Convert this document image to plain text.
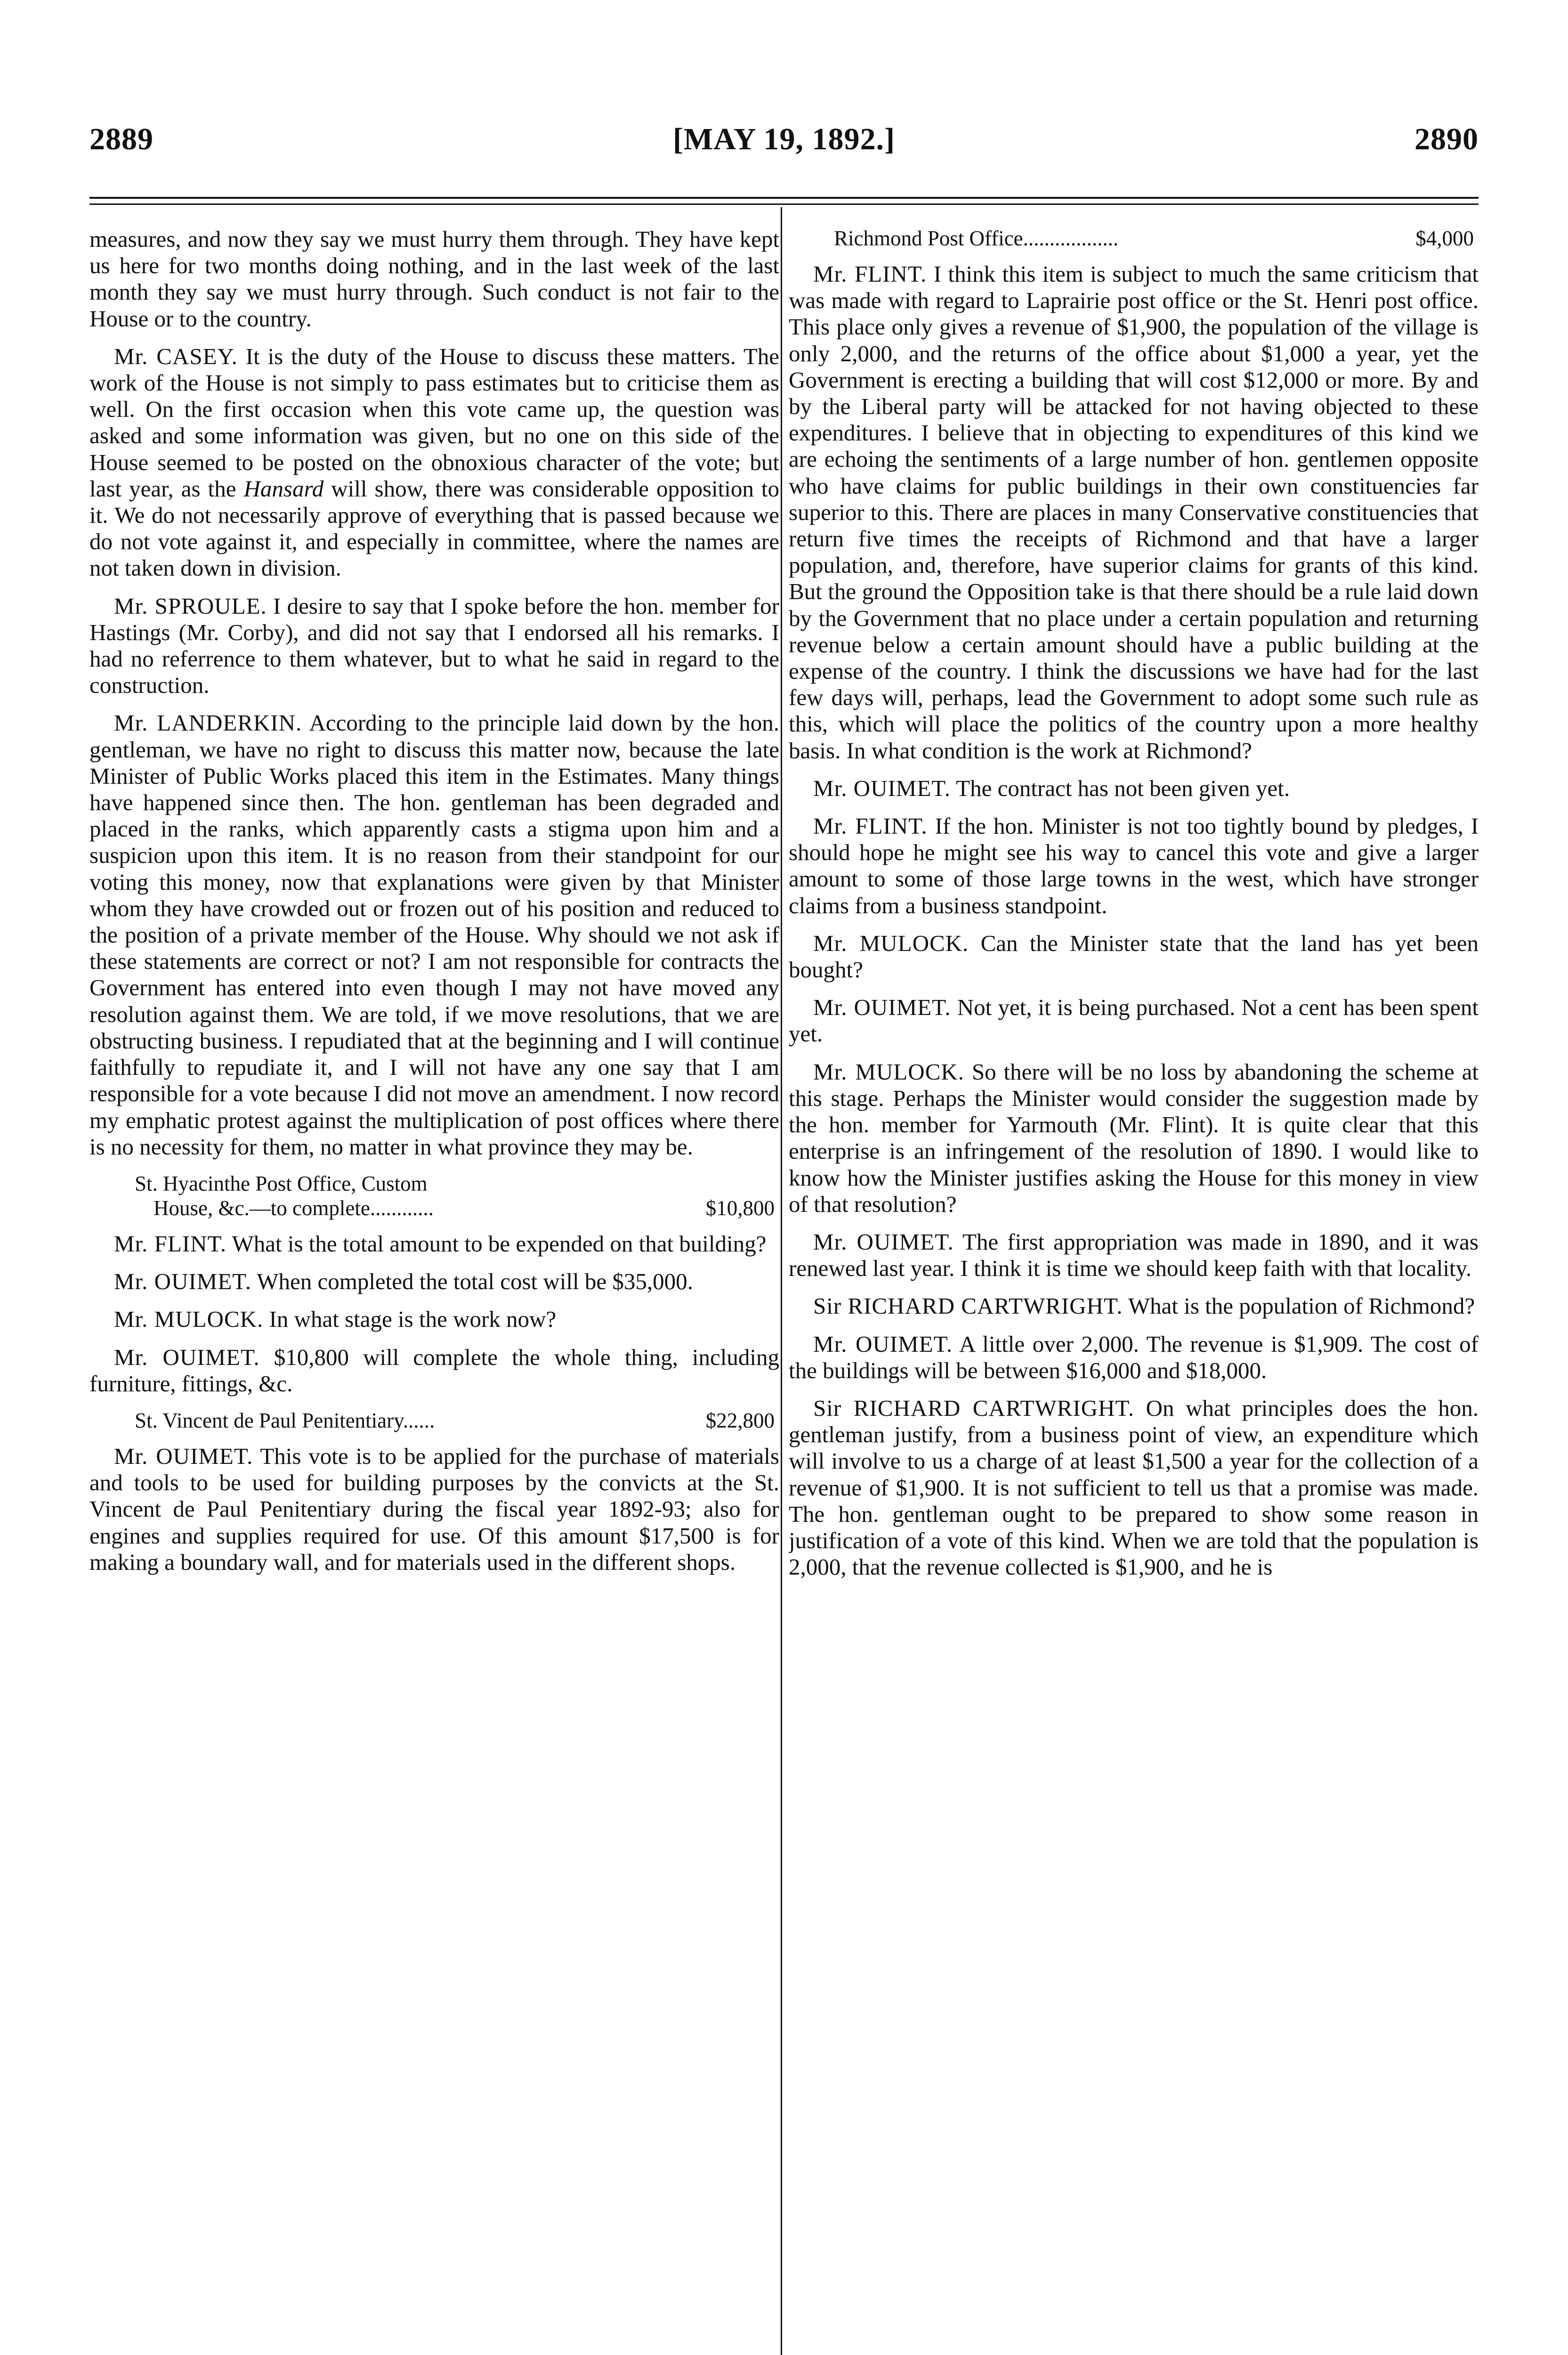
2889	[MAY 19, 1892.]	2890

measures, and now they say we must hurry them through. They have kept us here for two months doing nothing, and in the last week of the last month they say we must hurry through. Such conduct is not fair to the House or to the country.

Mr. CASEY. It is the duty of the House to discuss these matters. The work of the House is not simply to pass estimates but to criticise them as well. On the first occasion when this vote came up, the question was asked and some information was given, but no one on this side of the House seemed to be posted on the obnoxious character of the vote; but last year, as the Hansard will show, there was considerable opposition to it. We do not necessarily approve of everything that is passed because we do not vote against it, and especially in committee, where the names are not taken down in division.

Mr. SPROULE. I desire to say that I spoke before the hon. member for Hastings (Mr. Corby), and did not say that I endorsed all his remarks. I had no referrence to them whatever, but to what he said in regard to the construction.

Mr. LANDERKIN. According to the principle laid down by the hon. gentleman, we have no right to discuss this matter now, because the late Minister of Public Works placed this item in the Estimates. Many things have happened since then. The hon. gentleman has been degraded and placed in the ranks, which apparently casts a stigma upon him and a suspicion upon this item. It is no reason from their standpoint for our voting this money, now that explanations were given by that Minister whom they have crowded out or frozen out of his position and reduced to the position of a private member of the House. Why should we not ask if these statements are correct or not? I am not responsible for contracts the Government has entered into even though I may not have moved any resolution against them. We are told, if we move resolutions, that we are obstructing business. I repudiated that at the beginning and I will continue faithfully to repudiate it, and I will not have any one say that I am responsible for a vote because I did not move an amendment. I now record my emphatic protest against the multiplication of post offices where there is no necessity for them, no matter in what province they may be.

St. Hyacinthe Post Office, Custom
House, &c.—to complete............	$10,800

Mr. FLINT. What is the total amount to be expended on that building?

Mr. OUIMET. When completed the total cost will be $35,000.

Mr. MULOCK. In what stage is the work now?

Mr. OUIMET. $10,800 will complete the whole thing, including furniture, fittings, &c.

St. Vincent de Paul Penitentiary......	$22,800

Mr. OUIMET. This vote is to be applied for the purchase of materials and tools to be used for building purposes by the convicts at the St. Vincent de Paul Penitentiary during the fiscal year 1892-93; also for engines and supplies required for use. Of this amount $17,500 is for making a boundary wall, and for materials used in the different shops.

Richmond Post Office..................	$4,000

Mr. FLINT. I think this item is subject to much the same criticism that was made with regard to Laprairie post office or the St. Henri post office. This place only gives a revenue of $1,900, the population of the village is only 2,000, and the returns of the office about $1,000 a year, yet the Government is erecting a building that will cost $12,000 or more. By and by the Liberal party will be attacked for not having objected to these expenditures. I believe that in objecting to expenditures of this kind we are echoing the sentiments of a large number of hon. gentlemen opposite who have claims for public buildings in their own constituencies far superior to this. There are places in many Conservative constituencies that return five times the receipts of Richmond and that have a larger population, and, therefore, have superior claims for grants of this kind. But the ground the Opposition take is that there should be a rule laid down by the Government that no place under a certain population and returning revenue below a certain amount should have a public building at the expense of the country. I think the discussions we have had for the last few days will, perhaps, lead the Government to adopt some such rule as this, which will place the politics of the country upon a more healthy basis. In what condition is the work at Richmond?

Mr. OUIMET. The contract has not been given yet.

Mr. FLINT. If the hon. Minister is not too tightly bound by pledges, I should hope he might see his way to cancel this vote and give a larger amount to some of those large towns in the west, which have stronger claims from a business standpoint.

Mr. MULOCK. Can the Minister state that the land has yet been bought?

Mr. OUIMET. Not yet, it is being purchased. Not a cent has been spent yet.

Mr. MULOCK. So there will be no loss by abandoning the scheme at this stage. Perhaps the Minister would consider the suggestion made by the hon. member for Yarmouth (Mr. Flint). It is quite clear that this enterprise is an infringement of the resolution of 1890. I would like to know how the Minister justifies asking the House for this money in view of that resolution?

Mr. OUIMET. The first appropriation was made in 1890, and it was renewed last year. I think it is time we should keep faith with that locality.

Sir RICHARD CARTWRIGHT. What is the population of Richmond?

Mr. OUIMET. A little over 2,000. The revenue is $1,909. The cost of the buildings will be between $16,000 and $18,000.

Sir RICHARD CARTWRIGHT. On what principles does the hon. gentleman justify, from a business point of view, an expenditure which will involve to us a charge of at least $1,500 a year for the collection of a revenue of $1,900. It is not sufficient to tell us that a promise was made. The hon. gentleman ought to be prepared to show some reason in justification of a vote of this kind. When we are told that the population is 2,000, that the revenue collected is $1,900, and he is
